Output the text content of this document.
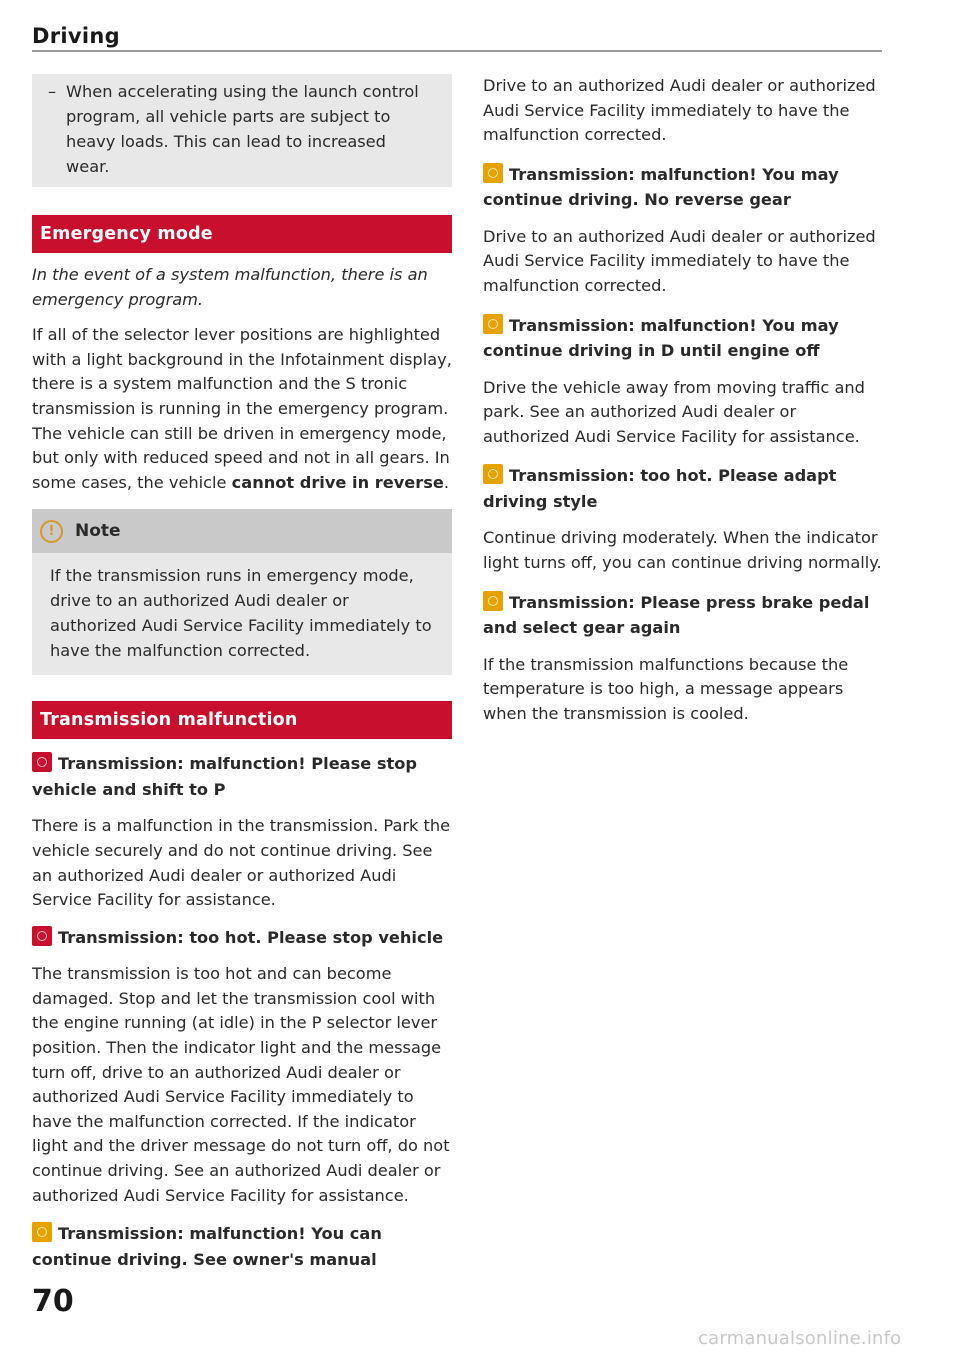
Driving
– When accelerating using the launch control program, all vehicle parts are subject to heavy loads. This can lead to increased wear.
Emergency mode

In the event of a system malfunction, there is an emergency program.

If all of the selector lever positions are highlighted with a light background in the Infotainment display, there is a system malfunction and the S tronic transmission is running in the emergency program. The vehicle can still be driven in emergency mode, but only with reduced speed and not in all gears. In some cases, the vehicle cannot drive in reverse.

!	Note
If the transmission runs in emergency mode, drive to an authorized Audi dealer or authorized Audi Service Facility immediately to have the malfunction corrected.
Transmission malfunction

Transmission: malfunction! Please stop vehicle and shift to P

There is a malfunction in the transmission. Park the vehicle securely and do not continue driving. See an authorized Audi dealer or authorized Audi Service Facility for assistance.

Transmission: too hot. Please stop vehicle

The transmission is too hot and can become damaged. Stop and let the transmission cool with the engine running (at idle) in the P selector lever position. Then the indicator light and the message turn off, drive to an authorized Audi dealer or authorized Audi Service Facility immediately to have the malfunction corrected. If the indicator light and the driver message do not turn off, do not continue driving. See an authorized Audi dealer or authorized Audi Service Facility for assistance.

Transmission: malfunction! You can continue driving. See owner's manual

Drive to an authorized Audi dealer or authorized Audi Service Facility immediately to have the malfunction corrected.

Transmission: malfunction! You may continue driving. No reverse gear

Drive to an authorized Audi dealer or authorized Audi Service Facility immediately to have the malfunction corrected.

Transmission: malfunction! You may continue driving in D until engine off

Drive the vehicle away from moving traffic and park. See an authorized Audi dealer or authorized Audi Service Facility for assistance.

Transmission: too hot. Please adapt driving style

Continue driving moderately. When the indicator light turns off, you can continue driving normally.

Transmission: Please press brake pedal and select gear again

If the transmission malfunctions because the temperature is too high, a message appears when the transmission is cooled.

70
carmanualsonline.info
